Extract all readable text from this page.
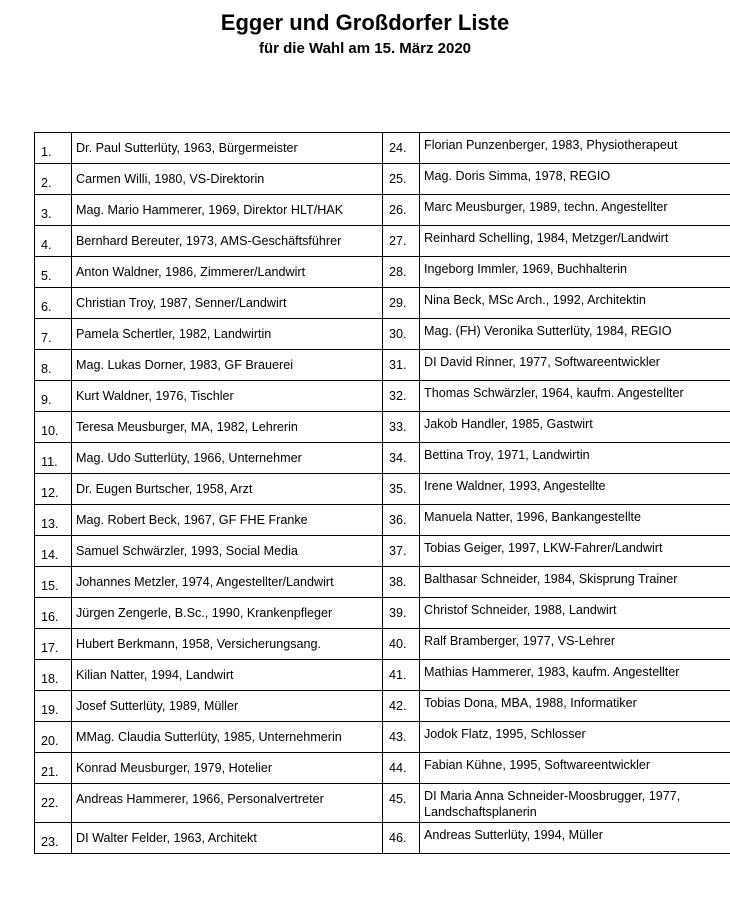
Egger und Großdorfer Liste

für die Wahl am 15. März 2020

1.	Dr. Paul Sutterlüty, 1963, Bürgermeister	24.	Florian Punzenberger, 1983, Physiotherapeut

2.	Carmen Willi, 1980, VS-Direktorin	25.	Mag. Doris Simma, 1978, REGIO

3.	Mag. Mario Hammerer, 1969, Direktor HLT/HAK	26.	Marc Meusburger, 1989, techn. Angestellter

4.	Bernhard Bereuter, 1973, AMS-Geschäftsführer	27.	Reinhard Schelling, 1984, Metzger/Landwirt

5.	Anton Waldner, 1986, Zimmerer/Landwirt	28.	Ingeborg Immler, 1969, Buchhalterin

6.	Christian Troy, 1987, Senner/Landwirt	29.	Nina Beck, MSc Arch., 1992, Architektin

7.	Pamela Schertler, 1982, Landwirtin	30.	Mag. (FH) Veronika Sutterlüty, 1984, REGIO

8.	Mag. Lukas Dorner, 1983, GF Brauerei	31.	DI David Rinner, 1977, Softwareentwickler

9.	Kurt Waldner, 1976, Tischler	32.	Thomas Schwärzler, 1964, kaufm. Angestellter

10.	Teresa Meusburger, MA, 1982, Lehrerin	33.	Jakob Handler, 1985, Gastwirt

11.	Mag. Udo Sutterlüty, 1966, Unternehmer	34.	Bettina Troy, 1971, Landwirtin

12.	Dr. Eugen Burtscher, 1958, Arzt	35.	Irene Waldner, 1993, Angestellte

13.	Mag. Robert Beck, 1967, GF FHE Franke	36.	Manuela Natter, 1996, Bankangestellte

14.	Samuel Schwärzler, 1993, Social Media	37.	Tobias Geiger, 1997, LKW-Fahrer/Landwirt

15.	Johannes Metzler, 1974, Angestellter/Landwirt	38.	Balthasar Schneider, 1984, Skisprung Trainer

16.	Jürgen Zengerle, B.Sc., 1990, Krankenpfleger	39.	Christof Schneider, 1988, Landwirt

17.	Hubert Berkmann, 1958, Versicherungsang.	40.	Ralf Bramberger, 1977, VS-Lehrer

18.	Kilian Natter, 1994, Landwirt	41.	Mathias Hammerer, 1983, kaufm. Angestellter

19.	Josef Sutterlüty, 1989, Müller	42.	Tobias Dona, MBA, 1988, Informatiker

20.	MMag. Claudia Sutterlüty, 1985, Unternehmerin	43.	Jodok Flatz, 1995, Schlosser

21.	Konrad Meusburger, 1979, Hotelier	44.	Fabian Kühne, 1995, Softwareentwickler

22.	Andreas Hammerer, 1966, Personalvertreter	45.	DI Maria Anna Schneider-Moosbrugger, 1977, Landschaftsplanerin

23.	DI Walter Felder, 1963, Architekt	46.	Andreas Sutterlüty, 1994, Müller
